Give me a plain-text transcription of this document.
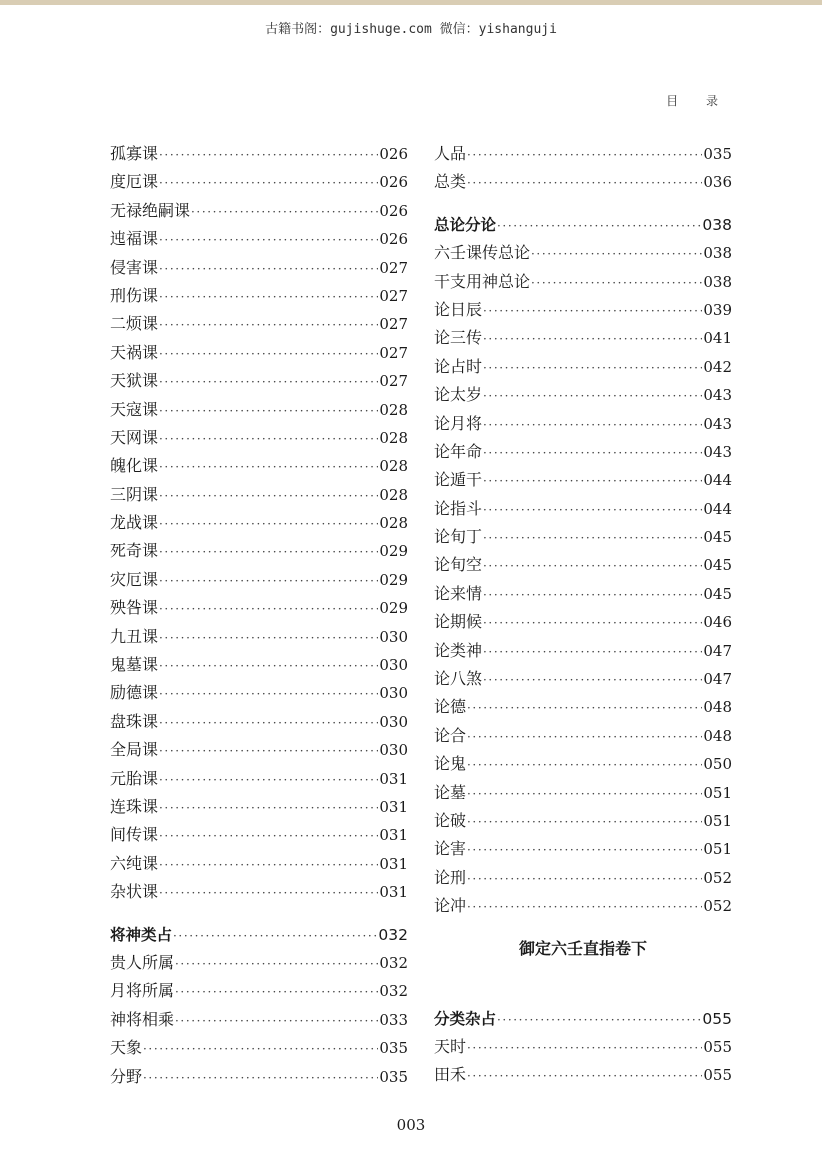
古籍书阁：gujishuge.com 微信：yishanguji
目 录
孤寡课 ·····	026
度厄课 ·····	026
无禄绝嗣课 ·····	026
迍福课 ·····	026
侵害课 ·····	027
刑伤课 ·····	027
二烦课 ·····	027
天祸课 ·····	027
天狱课 ·····	027
天寇课 ·····	028
天网课 ·····	028
魄化课 ·····	028
三阴课 ·····	028
龙战课 ·····	028
死奇课 ·····	029
灾厄课 ·····	029
殃咎课 ·····	029
九丑课 ·····	030
鬼墓课 ·····	030
励德课 ·····	030
盘珠课 ·····	030
全局课 ·····	030
元胎课 ·····	031
连珠课 ·····	031
间传课 ·····	031
六纯课 ·····	031
杂状课 ·····	031
将神类占 ·····	032
贵人所属 ·····	032
月将所属 ·····	032
神将相乘 ·····	033
天象 ·····	035
分野 ·····	035
人品 ·····	035
总类 ·····	036
总论分论 ·····	038
六壬课传总论 ·····	038
干支用神总论 ·····	038
论日辰 ·····	039
论三传 ·····	041
论占时 ·····	042
论太岁 ·····	043
论月将 ·····	043
论年命 ·····	043
论遁干 ·····	044
论指斗 ·····	044
论旬丁 ·····	045
论旬空 ·····	045
论来情 ·····	045
论期候 ·····	046
论类神 ·····	047
论八煞 ·····	047
论德 ·····	048
论合 ·····	048
论鬼 ·····	050
论墓 ·····	051
论破 ·····	051
论害 ·····	051
论刑 ·····	052
论冲 ·····	052
御定六壬直指卷下
分类杂占 ·····	055
天时 ·····	055
田禾 ·····	055
003
